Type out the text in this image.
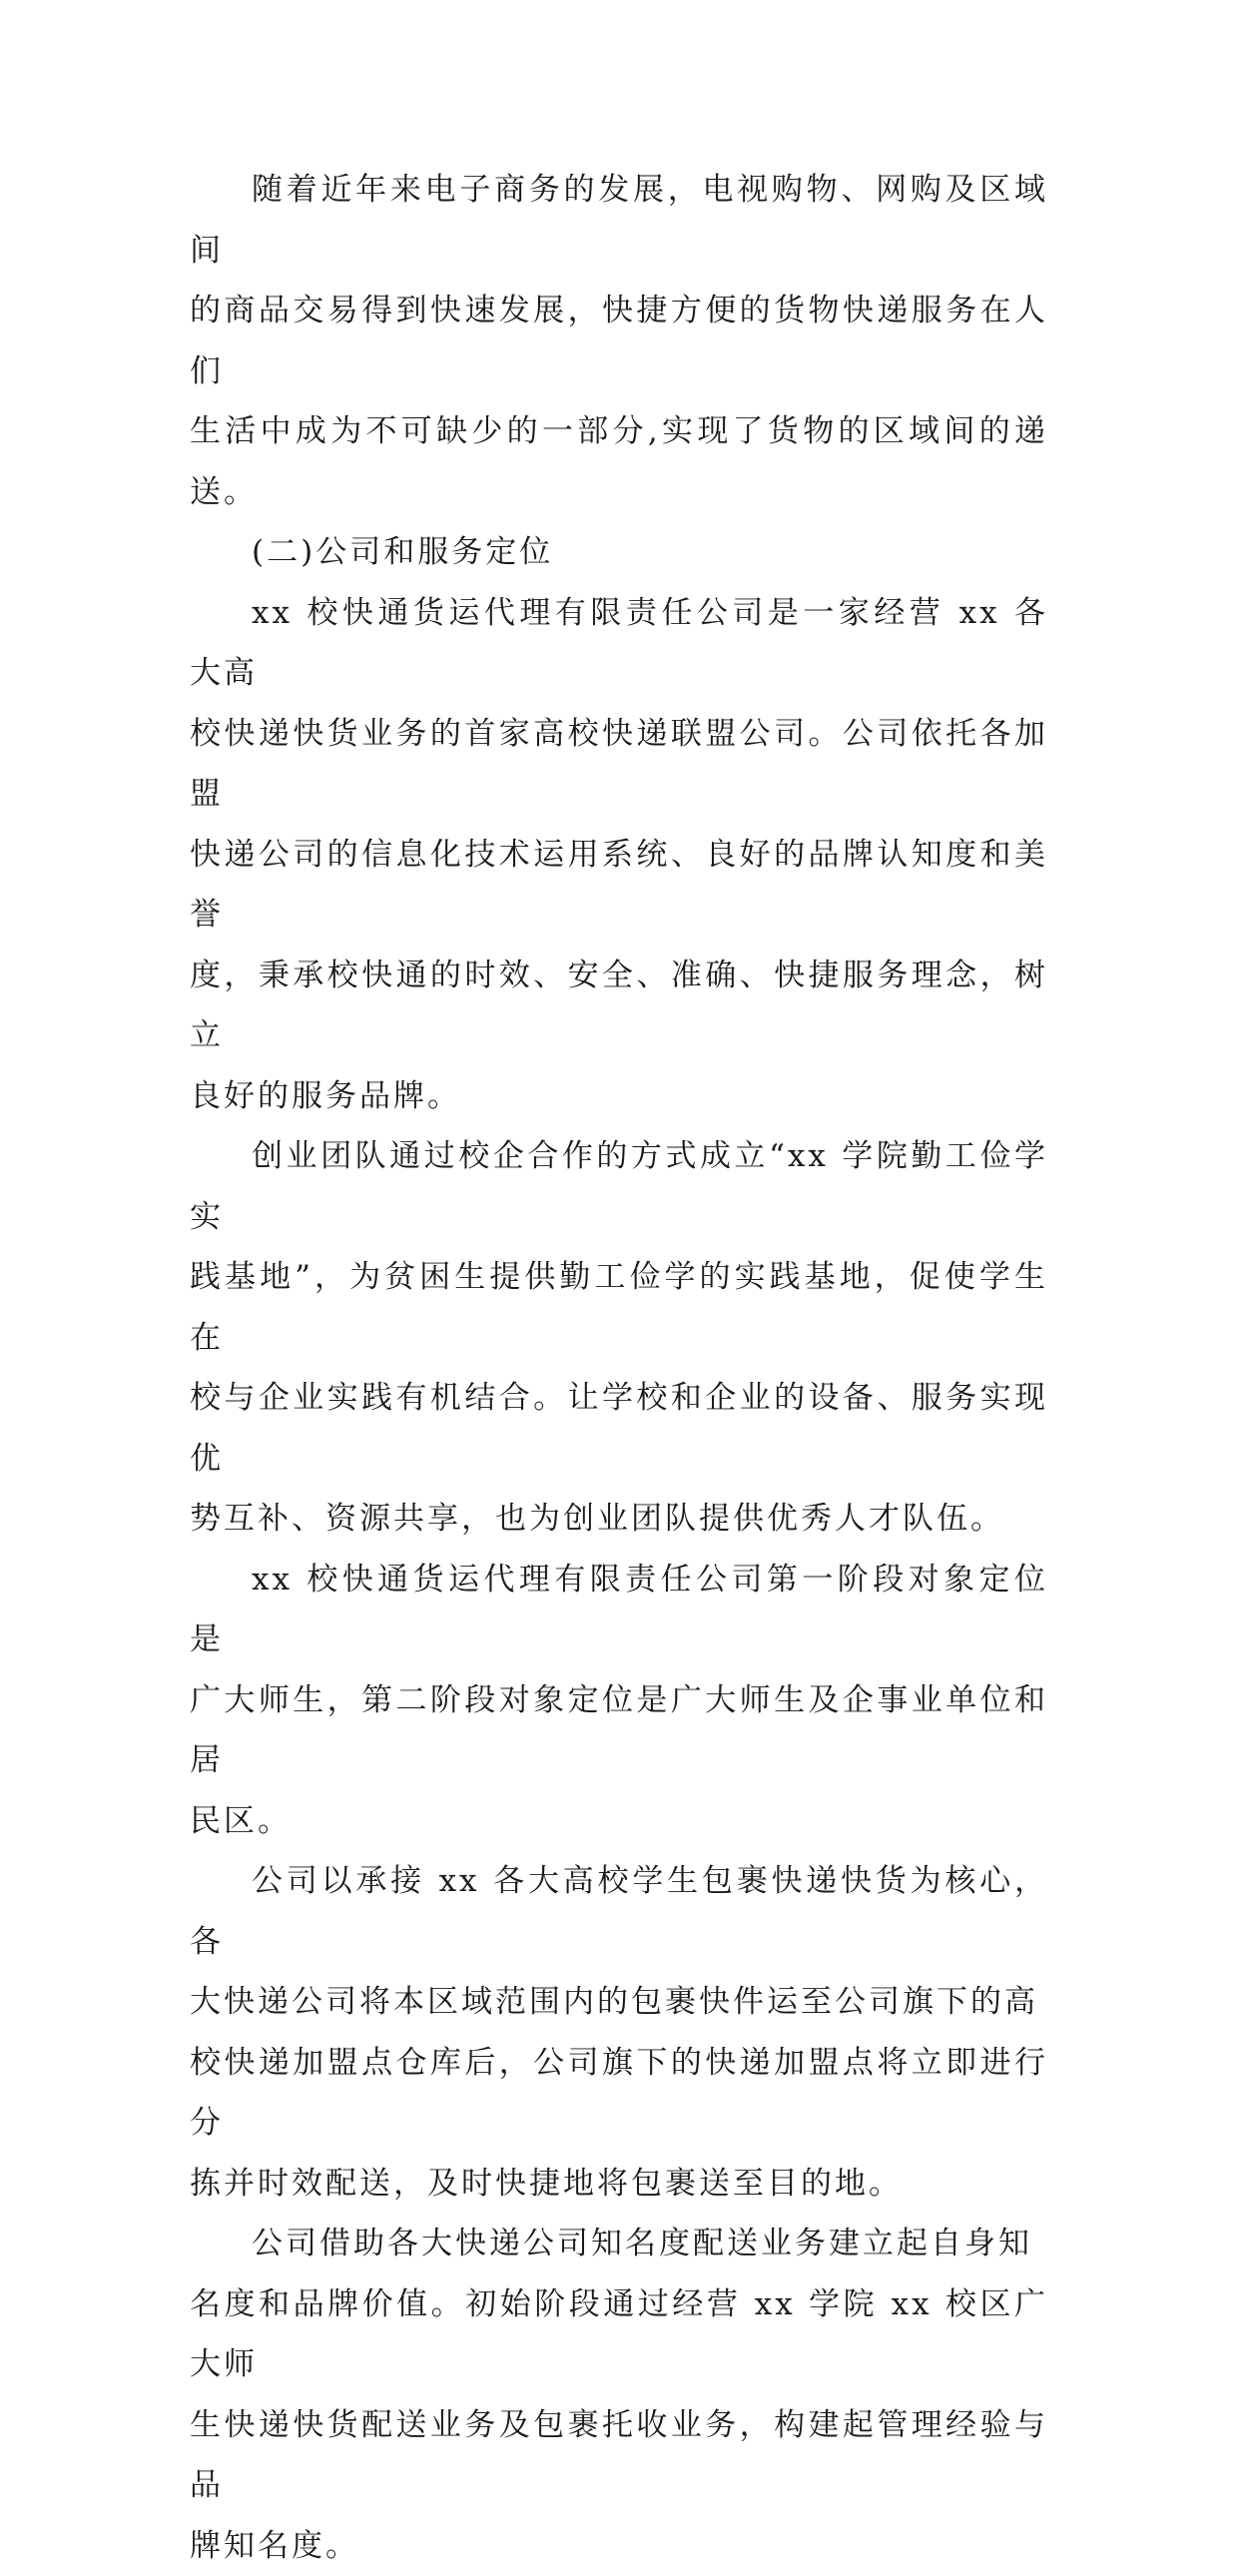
随着近年来电子商务的发展，电视购物、网购及区域间
的商品交易得到快速发展，快捷方便的货物快递服务在人们
生活中成为不可缺少的一部分,实现了货物的区域间的递送。

(二)公司和服务定位

xx 校快通货运代理有限责任公司是一家经营 xx 各大高
校快递快货业务的首家高校快递联盟公司。公司依托各加盟
快递公司的信息化技术运用系统、良好的品牌认知度和美誉
度，秉承校快通的时效、安全、准确、快捷服务理念，树立
良好的服务品牌。

创业团队通过校企合作的方式成立“xx 学院勤工俭学实
践基地”，为贫困生提供勤工俭学的实践基地，促使学生在
校与企业实践有机结合。让学校和企业的设备、服务实现优
势互补、资源共享，也为创业团队提供优秀人才队伍。

xx 校快通货运代理有限责任公司第一阶段对象定位是
广大师生，第二阶段对象定位是广大师生及企事业单位和居
民区。

公司以承接 xx 各大高校学生包裹快递快货为核心，各
大快递公司将本区域范围内的包裹快件运至公司旗下的高
校快递加盟点仓库后，公司旗下的快递加盟点将立即进行分
拣并时效配送，及时快捷地将包裹送至目的地。

公司借助各大快递公司知名度配送业务建立起自身知
名度和品牌价值。初始阶段通过经营 xx 学院 xx 校区广大师
生快递快货配送业务及包裹托收业务，构建起管理经验与品
牌知名度。
